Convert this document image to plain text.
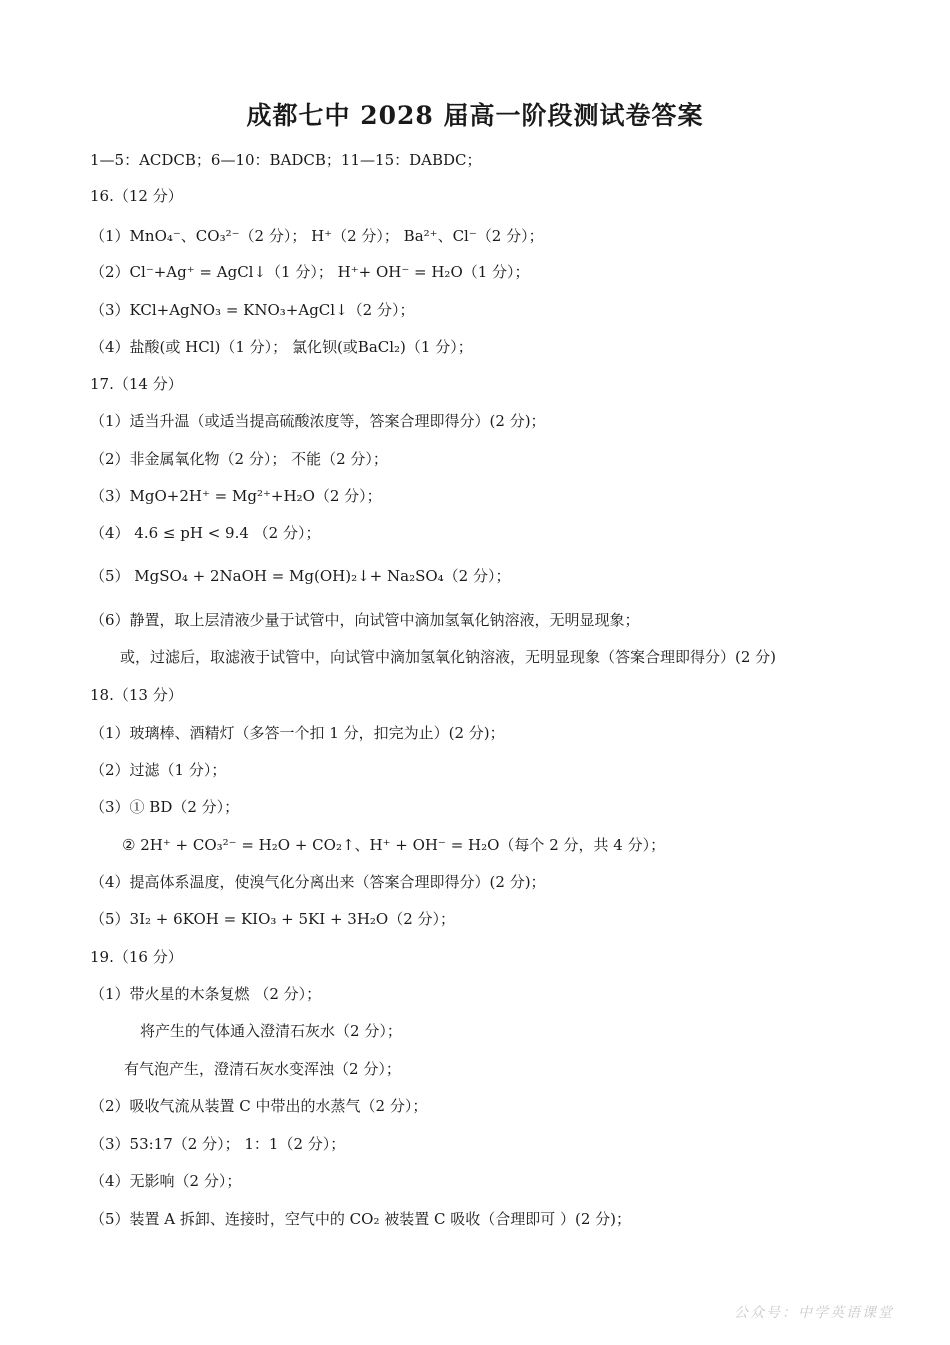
成都七中 2028 届高一阶段测试卷答案
1—5：ACDCB；6—10：BADCB；11—15：DABDC；
16.（12 分）
（1）MnO₄⁻、CO₃²⁻（2 分）； H⁺（2 分）； Ba²⁺、Cl⁻（2 分）；
（2）Cl⁻+Ag⁺ = AgCl↓（1 分）； H⁺+ OH⁻ = H₂O（1 分）；
（3）KCl+AgNO₃ = KNO₃+AgCl↓（2 分）；
（4）盐酸(或 HCl)（1 分）； 氯化钡(或BaCl₂)（1 分）；
17.（14 分）
（1）适当升温（或适当提高硫酸浓度等，答案合理即得分）(2 分)；
（2）非金属氧化物（2 分）； 不能（2 分）；
（3）MgO+2H⁺ = Mg²⁺+H₂O（2 分）；
（4） 4.6 ≤ pH < 9.4 （2 分）；
（5） MgSO₄ + 2NaOH = Mg(OH)₂↓+ Na₂SO₄（2 分）；
（6）静置，取上层清液少量于试管中，向试管中滴加氢氧化钠溶液，无明显现象；
或，过滤后，取滤液于试管中，向试管中滴加氢氧化钠溶液，无明显现象（答案合理即得分）(2 分)
18.（13 分）
（1）玻璃棒、酒精灯（多答一个扣 1 分，扣完为止）(2 分)；
（2）过滤（1 分）；
（3）① BD（2 分）；
② 2H⁺ + CO₃²⁻ = H₂O + CO₂↑、H⁺ + OH⁻ = H₂O（每个 2 分，共 4 分）；
（4）提高体系温度，使溴气化分离出来（答案合理即得分）(2 分)；
（5）3I₂ + 6KOH = KIO₃ + 5KI + 3H₂O（2 分）；
19.（16 分）
（1）带火星的木条复燃 （2 分）；
将产生的气体通入澄清石灰水（2 分）；
有气泡产生，澄清石灰水变浑浊（2 分）；
（2）吸收气流从装置 C 中带出的水蒸气（2 分）；
（3）53:17（2 分）； 1：1（2 分）；
（4）无影响（2 分）；
（5）装置 A 拆卸、连接时，空气中的 CO₂ 被装置 C 吸收（合理即可 ）(2 分)；
公众号：中学英语课堂
